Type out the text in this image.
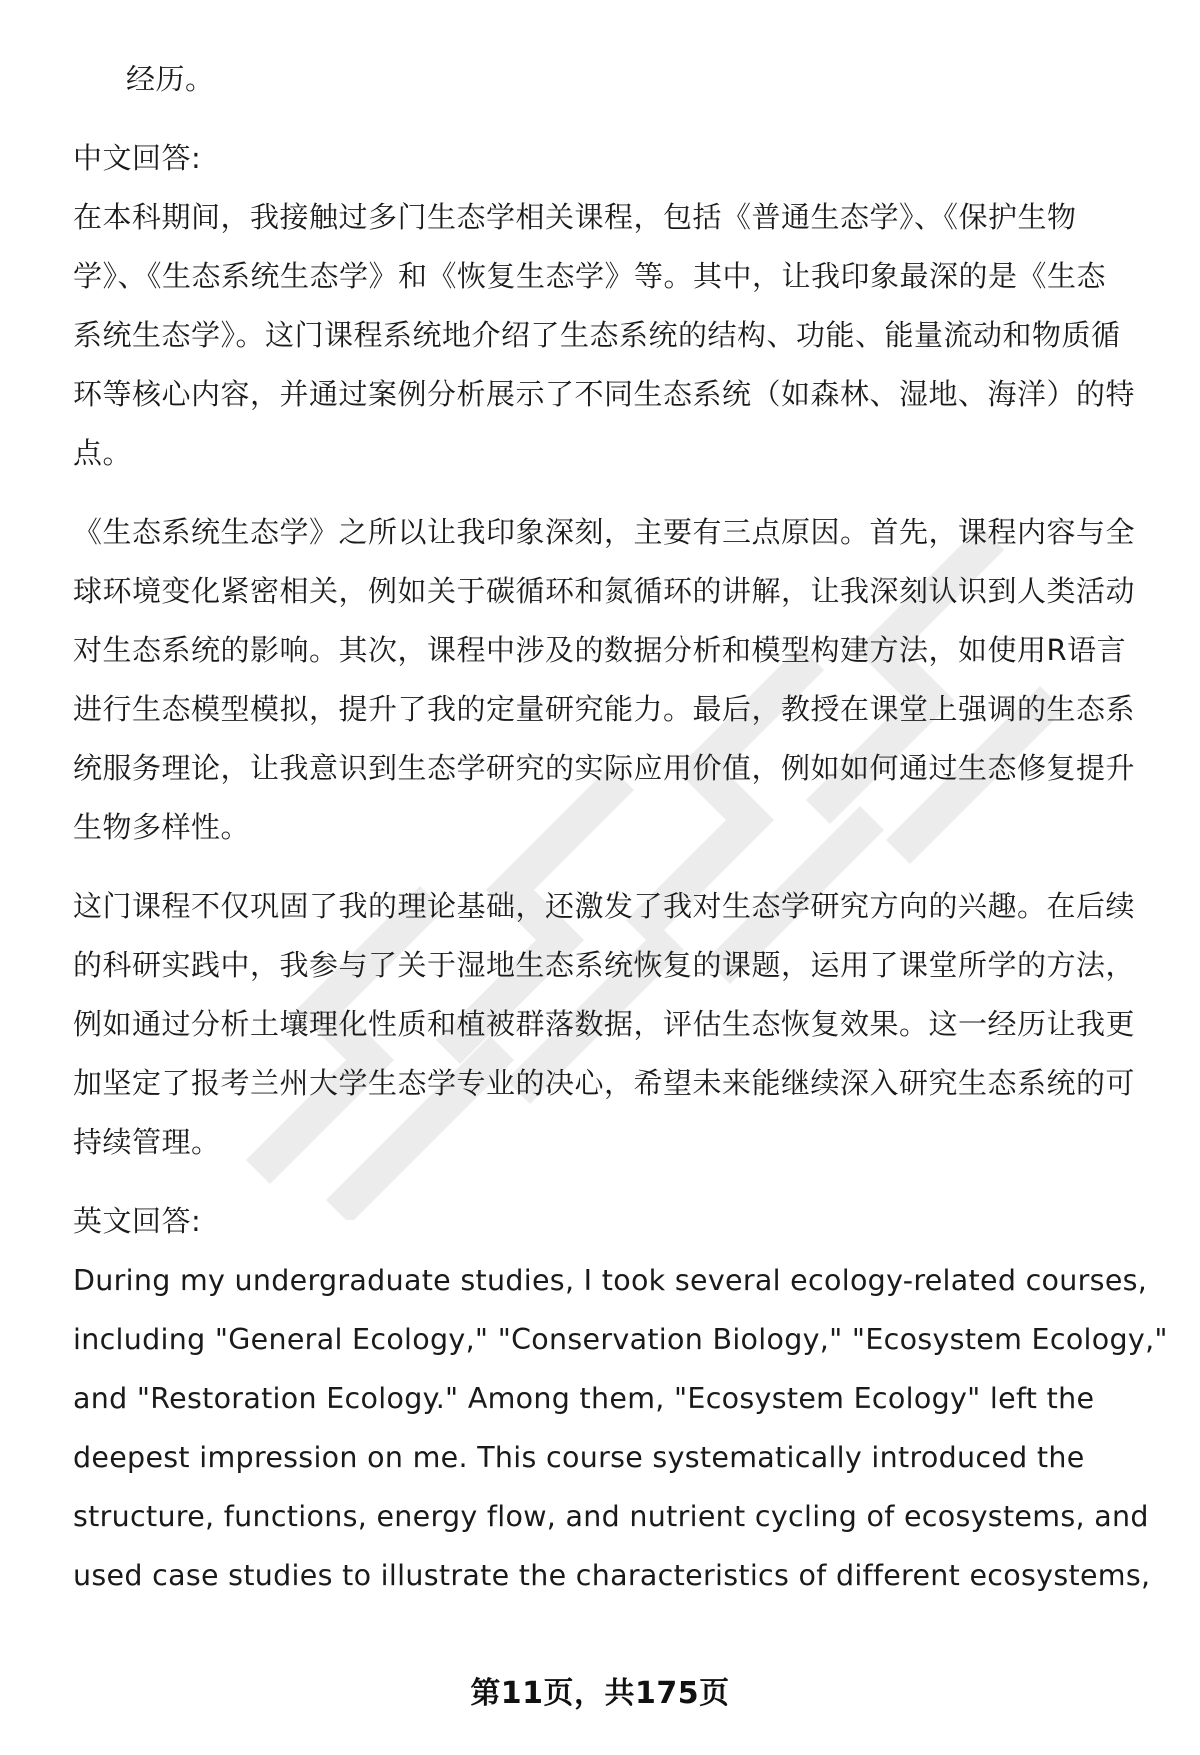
经历。
中文回答:
在本科期间，我接触过多门生态学相关课程，包括《普通生态学》、《保护生物
学》、《生态系统生态学》和《恢复生态学》等。其中，让我印象最深的是《生态
系统生态学》。这门课程系统地介绍了生态系统的结构、功能、能量流动和物质循
环等核心内容，并通过案例分析展示了不同生态系统（如森林、湿地、海洋）的特
点。
《生态系统生态学》之所以让我印象深刻，主要有三点原因。首先，课程内容与全
球环境变化紧密相关，例如关于碳循环和氮循环的讲解，让我深刻认识到人类活动
对生态系统的影响。其次，课程中涉及的数据分析和模型构建方法，如使用R语言
进行生态模型模拟，提升了我的定量研究能力。最后，教授在课堂上强调的生态系
统服务理论，让我意识到生态学研究的实际应用价值，例如如何通过生态修复提升
生物多样性。
这门课程不仅巩固了我的理论基础，还激发了我对生态学研究方向的兴趣。在后续
的科研实践中，我参与了关于湿地生态系统恢复的课题，运用了课堂所学的方法，
例如通过分析土壤理化性质和植被群落数据，评估生态恢复效果。这一经历让我更
加坚定了报考兰州大学生态学专业的决心，希望未来能继续深入研究生态系统的可
持续管理。
英文回答:
During my undergraduate studies, I took several ecology-related courses,
including "General Ecology," "Conservation Biology," "Ecosystem Ecology,"
and "Restoration Ecology." Among them, "Ecosystem Ecology" left the
deepest impression on me. This course systematically introduced the
structure, functions, energy flow, and nutrient cycling of ecosystems, and
used case studies to illustrate the characteristics of different ecosystems,
第11页，共175页
